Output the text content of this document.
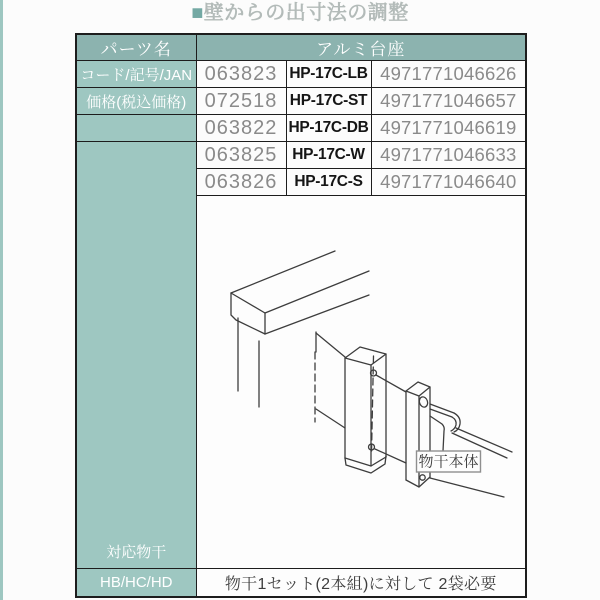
■壁からの出寸法の調整
パーツ名	アルミ台座		
コード/記号/JAN	063823	HP-17C-LB	4971771046626
価格(税込価格)	072518	HP-17C-ST	4971771046657
	063822	HP-17C-DB	4971771046619

対応物干	063825	HP-17C-W	4971771046633
	063826	HP-17C-S	4971771046640

物干本体		

HB/HC/HD	物干1セット(2本組)に対して 2袋必要		
